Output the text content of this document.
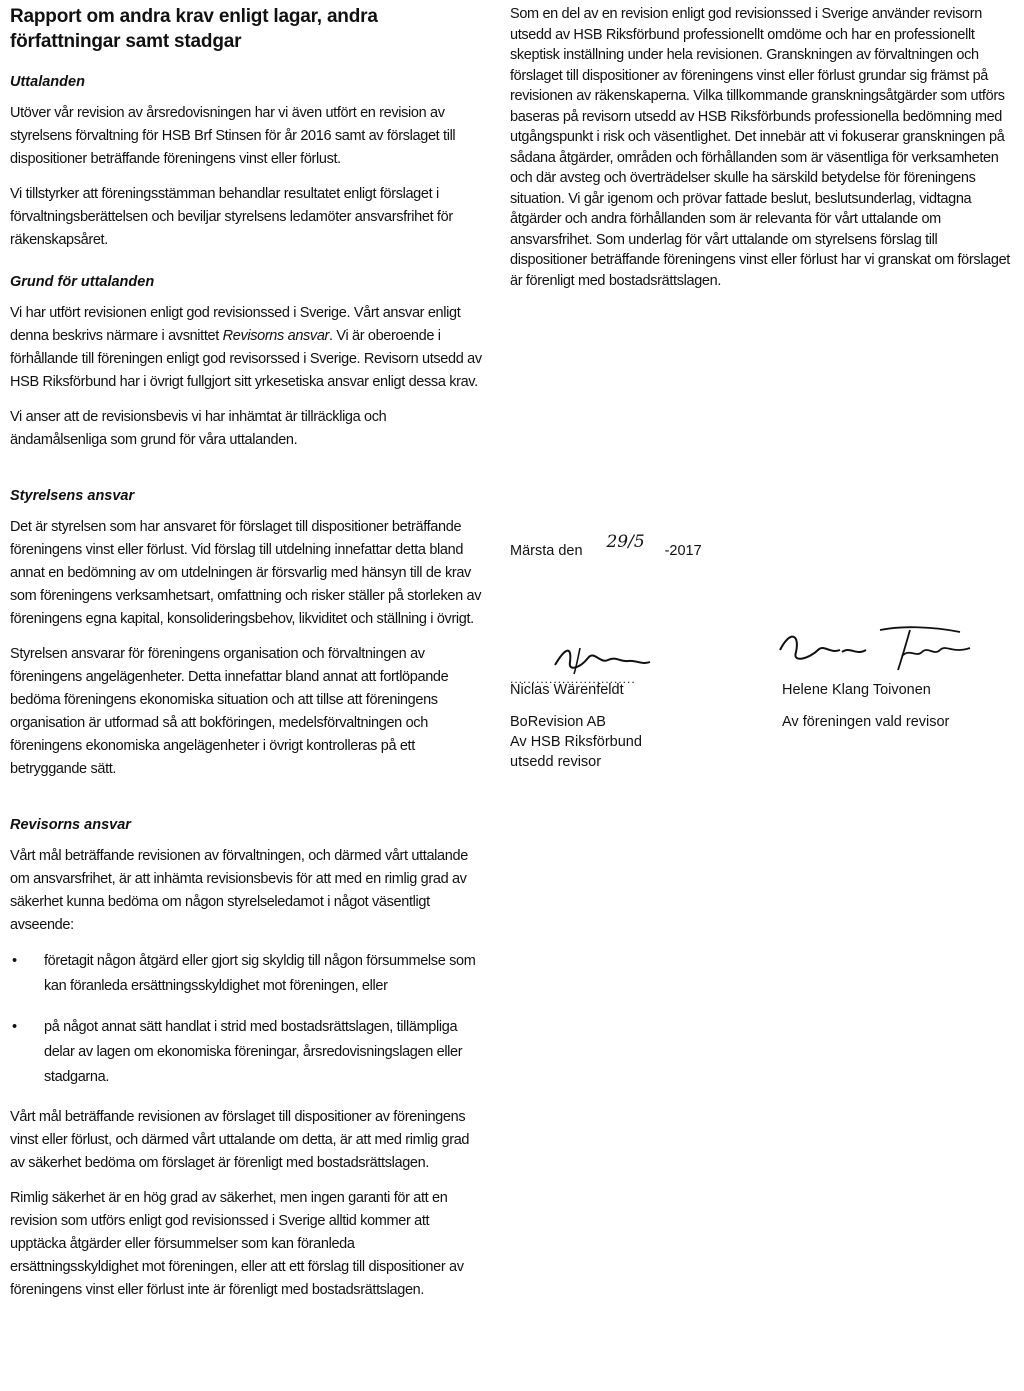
Rapport om andra krav enligt lagar, andra
författningar samt stadgar
Uttalanden

Utöver vår revision av årsredovisningen har vi även utfört en revision av styrelsens förvaltning för HSB Brf Stinsen för år 2016 samt av förslaget till dispositioner beträffande föreningens vinst eller förlust.

Vi tillstyrker att föreningsstämman behandlar resultatet enligt förslaget i förvaltningsberättelsen och beviljar styrelsens ledamöter ansvarsfrihet för räkenskapsåret.

Grund för uttalanden

Vi har utfört revisionen enligt god revisionssed i Sverige. Vårt ansvar enligt denna beskrivs närmare i avsnittet Revisorns ansvar. Vi är oberoende i förhållande till föreningen enligt god revisorssed i Sverige. Revisorn utsedd av HSB Riksförbund har i övrigt fullgjort sitt yrkesetiska ansvar enligt dessa krav.

Vi anser att de revisionsbevis vi har inhämtat är tillräckliga och ändamålsenliga som grund för våra uttalanden.

Styrelsens ansvar

Det är styrelsen som har ansvaret för förslaget till dispositioner beträffande föreningens vinst eller förlust. Vid förslag till utdelning innefattar detta bland annat en bedömning av om utdelningen är försvarlig med hänsyn till de krav som föreningens verksamhetsart, omfattning och risker ställer på storleken av föreningens egna kapital, konsolideringsbehov, likviditet och ställning i övrigt.

Styrelsen ansvarar för föreningens organisation och förvaltningen av föreningens angelägenheter. Detta innefattar bland annat att fortlöpande bedöma föreningens ekonomiska situation och att tillse att föreningens organisation är utformad så att bokföringen, medelsförvaltningen och föreningens ekonomiska angelägenheter i övrigt kontrolleras på ett betryggande sätt.

Revisorns ansvar

Vårt mål beträffande revisionen av förvaltningen, och därmed vårt uttalande om ansvarsfrihet, är att inhämta revisionsbevis för att med en rimlig grad av säkerhet kunna bedöma om någon styrelseledamot i något väsentligt avseende:

• företagit någon åtgärd eller gjort sig skyldig till någon försummelse som kan föranleda ersättningsskyldighet mot föreningen, eller
• på något annat sätt handlat i strid med bostadsrättslagen, tillämpliga delar av lagen om ekonomiska föreningar, årsredovisningslagen eller stadgarna.

Vårt mål beträffande revisionen av förslaget till dispositioner av föreningens vinst eller förlust, och därmed vårt uttalande om detta, är att med rimlig grad av säkerhet bedöma om förslaget är förenligt med bostadsrättslagen.

Rimlig säkerhet är en hög grad av säkerhet, men ingen garanti för att en revision som utförs enligt god revisionssed i Sverige alltid kommer att upptäcka åtgärder eller försummelser som kan föranleda ersättningsskyldighet mot föreningen, eller att ett förslag till dispositioner av föreningens vinst eller förlust inte är förenligt med bostadsrättslagen.

Som en del av en revision enligt god revisionssed i Sverige använder revisorn utsedd av HSB Riksförbund professionellt omdöme och har en professionellt skeptisk inställning under hela revisionen. Granskningen av förvaltningen och förslaget till dispositioner av föreningens vinst eller förlust grundar sig främst på revisionen av räkenskaperna. Vilka tillkommande granskningsåtgärder som utförs baseras på revisorn utsedd av HSB Riksförbunds professionella bedömning med utgångspunkt i risk och väsentlighet. Det innebär att vi fokuserar granskningen på sådana åtgärder, områden och förhållanden som är väsentliga för verksamheten och där avsteg och överträdelser skulle ha särskild betydelse för föreningens situation. Vi går igenom och prövar fattade beslut, beslutsunderlag, vidtagna åtgärder och andra förhållanden som är relevanta för vårt uttalande om ansvarsfrihet. Som underlag för vårt uttalande om styrelsens förslag till dispositioner beträffande föreningens vinst eller förlust har vi granskat om förslaget är förenligt med bostadsrättslagen.

Märsta den 29/5 -2017
.............................
Niclas Wärenfeldt
BoRevision AB
Av HSB Riksförbund
utsedd revisor
Helene Klang Toivonen
Av föreningen vald revisor
